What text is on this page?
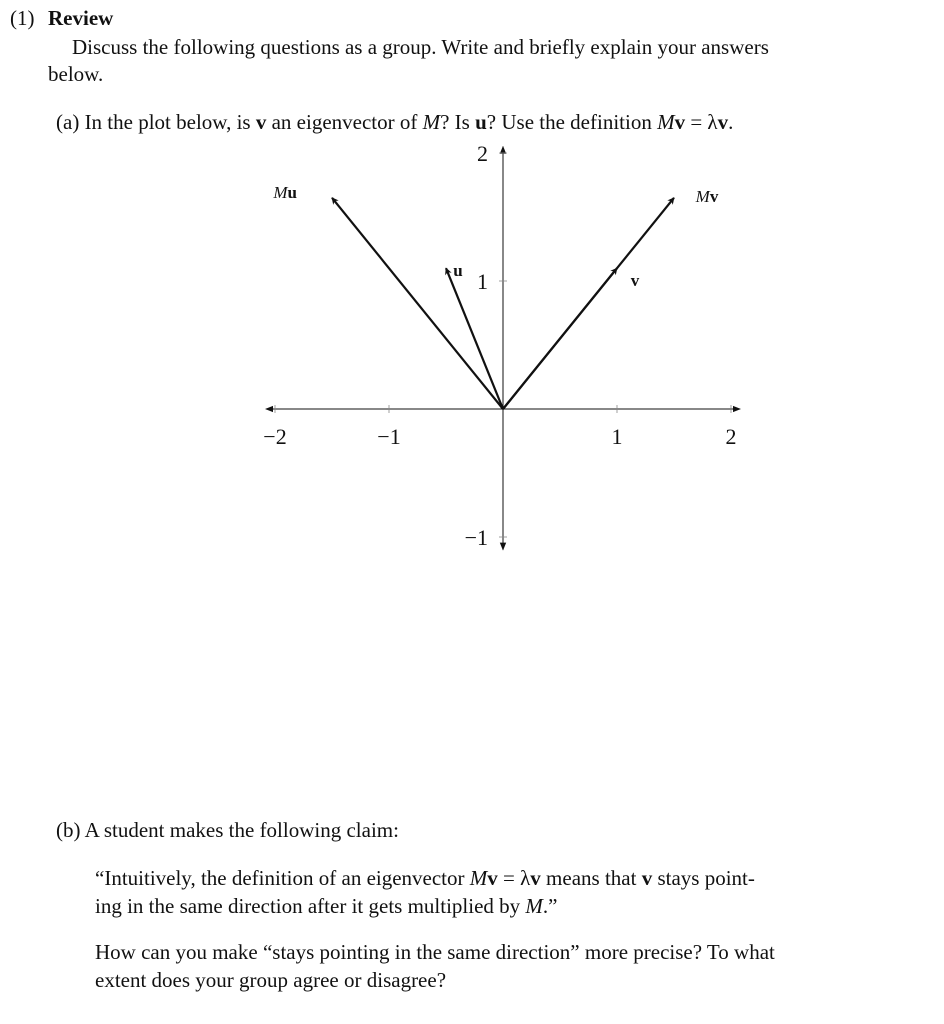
(1) Review
Discuss the following questions as a group. Write and briefly explain your answers
below.
(a) In the plot below, is v an eigenvector of M? Is u? Use the definition Mv = λv.
−2	−1	1	2
2
1
−1
Mu
u
v
Mv
(b) A student makes the following claim:
“Intuitively, the definition of an eigenvector Mv = λv means that v stays point-
ing in the same direction after it gets multiplied by M.”
How can you make “stays pointing in the same direction” more precise? To what
extent does your group agree or disagree?
